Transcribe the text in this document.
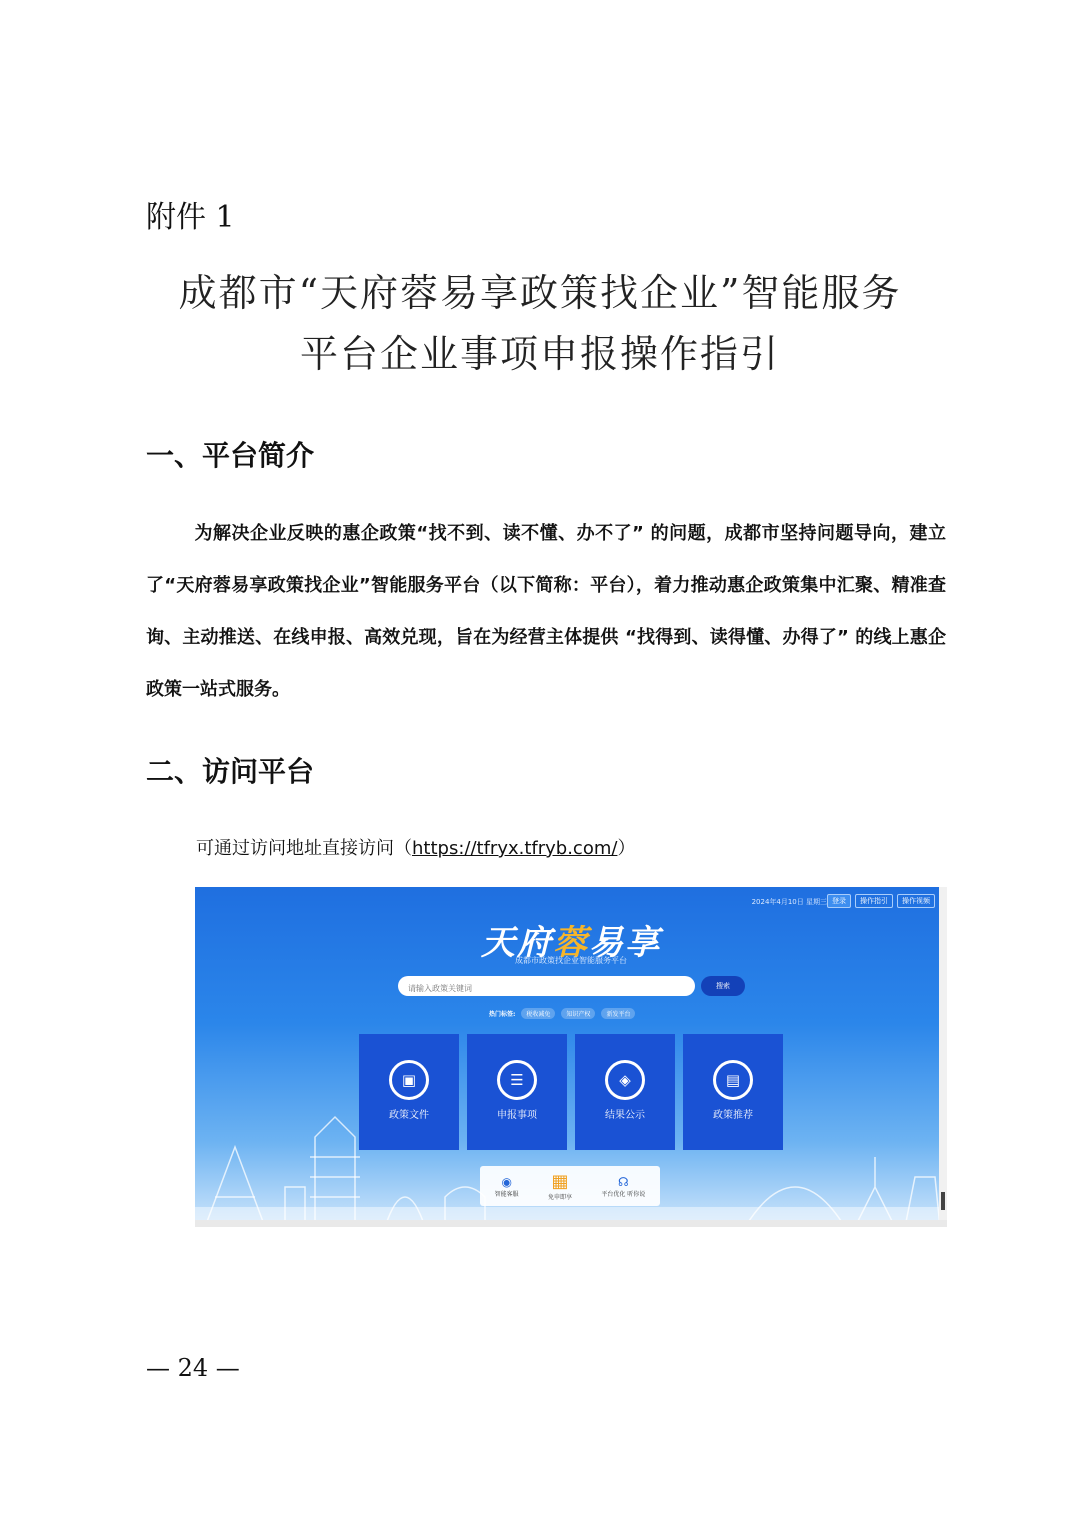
附件 1
成都市“天府蓉易享政策找企业”智能服务
平台企业事项申报操作指引
一、平台简介
为解决企业反映的惠企政策“找不到、读不懂、办不了” 的问题，成都市坚持问题导向，建立了“天府蓉易享政策找企业”智能服务平台（以下简称：平台），着力推动惠企政策集中汇聚、精准查询、主动推送、在线申报、高效兑现，旨在为经营主体提供 “找得到、读得懂、办得了” 的线上惠企政策一站式服务。
二、访问平台
可通过访问地址直接访问（https://tfryx.tfryb.com/）
2024年4月10日 星期三 登录	操作指引	操作视频
天府蓉易享
成都市政策找企业智能服务平台
请输入政策关键词
搜索
热门标签:	税收减免	知识产权	新发平台
▣
政策文件
☰
申报事项
◈
结果公示
▤
政策推荐
◉
智能客服
▦
免申即享
☊
平台优化 听你说
— 24 —
